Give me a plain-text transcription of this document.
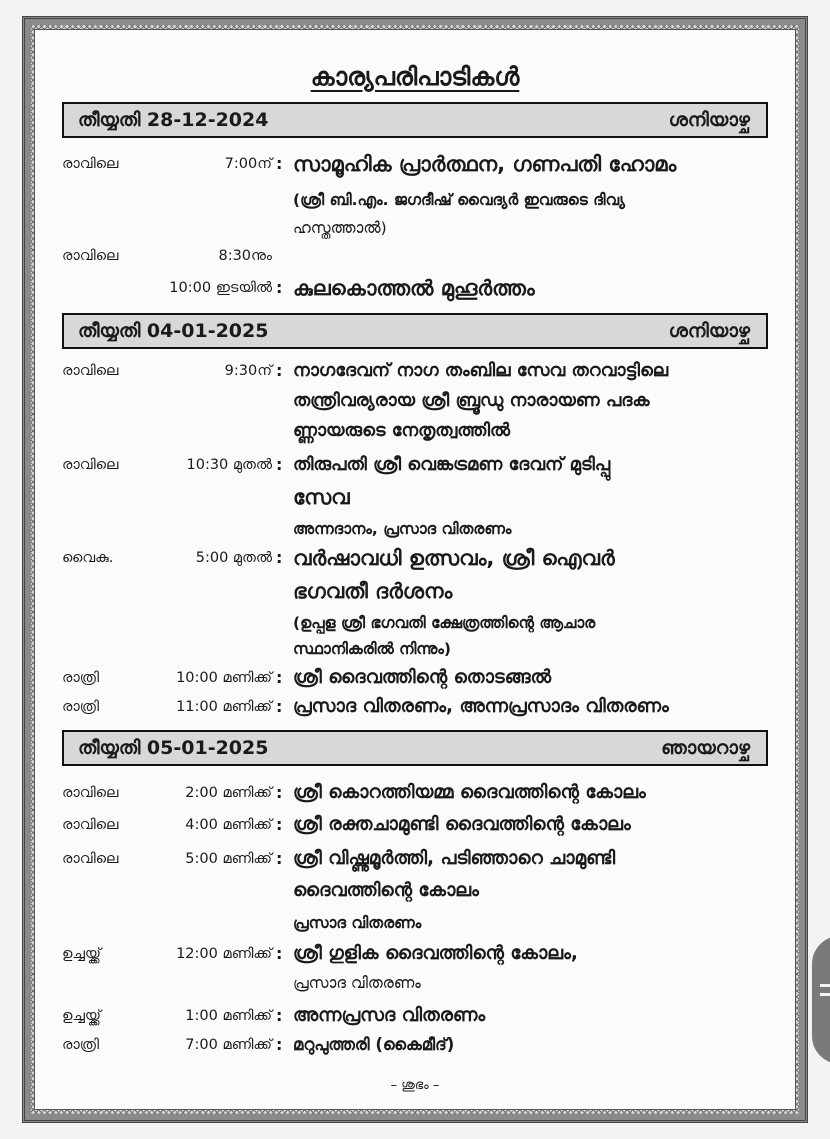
കാര്യപരിപാടികൾ
തീയ്യതി 28-12-2024	ശനിയാഴ്ച
രാവിലെ	7:00ന് : സാമൂഹിക പ്രാർത്ഥന, ഗണപതി ഹോമം
(ശ്രീ ബി.എം. ജഗദീഷ് വൈദ്യർ ഇവരുടെ ദിവ്യ
ഹസ്തത്താൽ)
രാവിലെ	8:30നും
10:00 ഇടയിൽ : കുലകൊത്തൽ മുഹൂർത്തം
തീയ്യതി 04-01-2025	ശനിയാഴ്ച
രാവിലെ	9:30ന് : നാഗദേവന് നാഗ തംബില സേവ തറവാട്ടിലെ
തന്ത്രിവര്യരായ ശ്രീ ബ്രൂഡു നാരായണ പദക
ണ്ണായരുടെ നേതൃത്വത്തിൽ
രാവിലെ	10:30 മുതൽ : തിരുപതി ശ്രീ വെങ്കട്രമണ ദേവന് മുടിപ്പു
സേവ
അന്നദാനം, പ്രസാദ വിതരണം
വൈകു.	5:00 മുതൽ : വർഷാവധി ഉത്സവം, ശ്രീ ഐവർ
ഭഗവതീ ദർശനം
(ഉപ്പള ശ്രീ ഭഗവതി ക്ഷേത്രത്തിന്റെ ആചാര
സ്ഥാനികരിൽ നിന്നും)
രാത്രി	10:00 മണിക്ക് : ശ്രീ ദൈവത്തിന്റെ തൊടങ്ങൽ
രാത്രി	11:00 മണിക്ക് : പ്രസാദ വിതരണം, അന്നപ്രസാദം വിതരണം
തീയ്യതി 05-01-2025	ഞായറാഴ്ച
രാവിലെ	2:00 മണിക്ക് : ശ്രീ കൊറത്തിയമ്മ ദൈവത്തിന്റെ കോലം
രാവിലെ	4:00 മണിക്ക് : ശ്രീ രക്തചാമുണ്ടി ദൈവത്തിന്റെ കോലം
രാവിലെ	5:00 മണിക്ക് : ശ്രീ വിഷ്ണുമൂർത്തി, പടിഞ്ഞാറെ ചാമുണ്ടി
ദൈവത്തിന്റെ കോലം
പ്രസാദ വിതരണം
ഉച്ചയ്ക്ക്	12:00 മണിക്ക് : ശ്രീ ഗുളിക ദൈവത്തിന്റെ കോലം,
പ്രസാദ വിതരണം
ഉച്ചയ്ക്ക്	1:00 മണിക്ക് : അന്നപ്രസദ വിതരണം
രാത്രി	7:00 മണിക്ക് : മറുപുത്തരി (കൈമീദ്)
– ശുഭം –
